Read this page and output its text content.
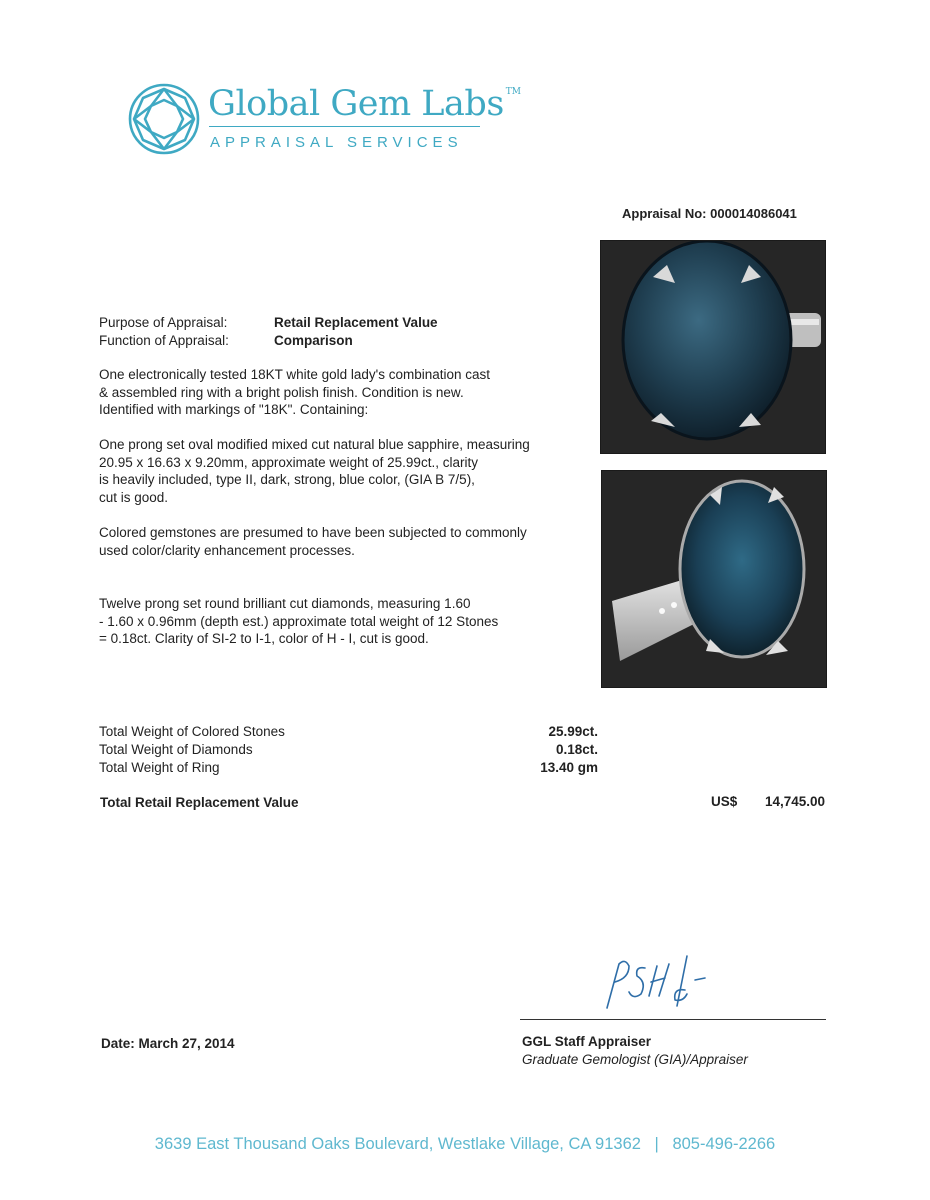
Global Gem Labs ™
APPRAISAL SERVICES
Appraisal No: 000014086041
Purpose of Appraisal:	Retail Replacement Value
Function of Appraisal:	Comparison
One electronically tested 18KT white gold lady's combination cast
& assembled ring with a bright polish finish. Condition is new.
Identified with markings of "18K". Containing:
One prong set oval modified mixed cut natural blue sapphire, measuring
20.95 x 16.63 x 9.20mm, approximate weight of 25.99ct., clarity
is heavily included, type II, dark, strong, blue color, (GIA B 7/5),
cut is good.
Colored gemstones are presumed to have been subjected to commonly
used color/clarity enhancement processes.
Twelve prong set round brilliant cut diamonds, measuring 1.60
- 1.60 x 0.96mm (depth est.) approximate total weight of 12 Stones
= 0.18ct. Clarity of SI-2 to I-1, color of H - I, cut is good.
Total Weight of Colored Stones	25.99ct.
Total Weight of Diamonds	0.18ct.
Total Weight of Ring	13.40 gm
Total Retail Replacement Value	US$	14,745.00
Date: March 27, 2014	GGL Staff Appraiser
Graduate Gemologist (GIA)/Appraiser
3639 East Thousand Oaks Boulevard, Westlake Village, CA 91362 | 805-496-2266
